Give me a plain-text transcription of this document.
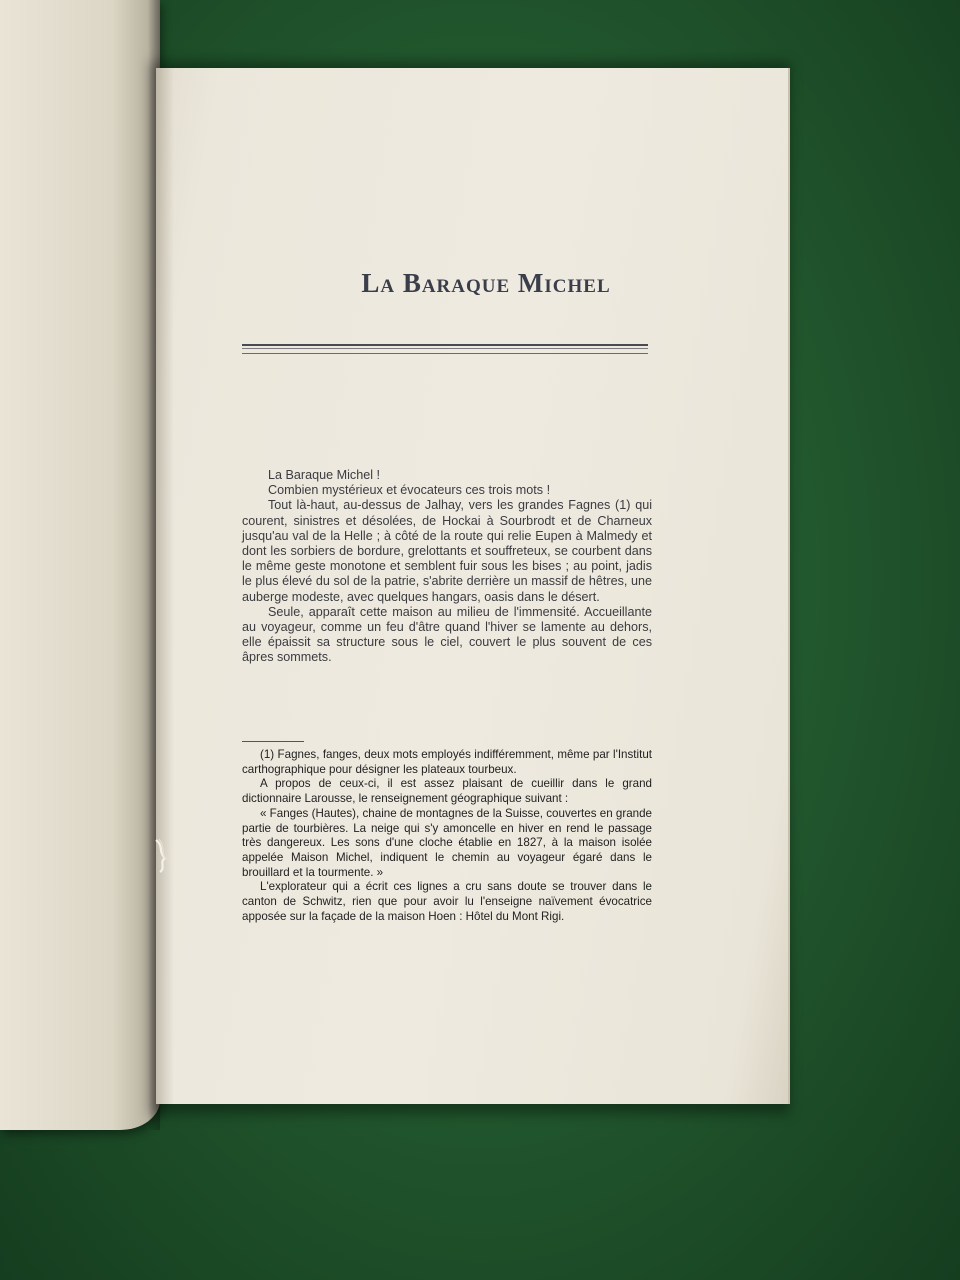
La Baraque Michel

La Baraque Michel !

Combien mystérieux et évocateurs ces trois mots !

Tout là-haut, au-dessus de Jalhay, vers les grandes Fagnes (1) qui courent, sinistres et désolées, de Hockai à Sourbrodt et de Charneux jusqu'au val de la Helle ; à côté de la route qui relie Eupen à Malmedy et dont les sorbiers de bordure, grelottants et souffreteux, se courbent dans le même geste monotone et semblent fuir sous les bises ; au point, jadis le plus élevé du sol de la patrie, s'abrite derrière un massif de hêtres, une auberge modeste, avec quelques hangars, oasis dans le désert.

Seule, apparaît cette maison au milieu de l'immensité. Accueillante au voyageur, comme un feu d'âtre quand l'hiver se lamente au dehors, elle épaissit sa structure sous le ciel, couvert le plus souvent de ces âpres sommets.

(1) Fagnes, fanges, deux mots employés indifféremment, même par l'Institut carthographique pour désigner les plateaux tourbeux.

A propos de ceux-ci, il est assez plaisant de cueillir dans le grand dictionnaire Larousse, le renseignement géographique suivant :

« Fanges (Hautes), chaine de montagnes de la Suisse, couvertes en grande partie de tourbières. La neige qui s'y amoncelle en hiver en rend le passage très dangereux. Les sons d'une cloche établie en 1827, à la maison isolée appelée Maison Michel, indiquent le chemin au voyageur égaré dans le brouillard et la tourmente. »

L'explorateur qui a écrit ces lignes a cru sans doute se trouver dans le canton de Schwitz, rien que pour avoir lu l'enseigne naïvement évocatrice apposée sur la façade de la maison Hoen : Hôtel du Mont Rigi.
